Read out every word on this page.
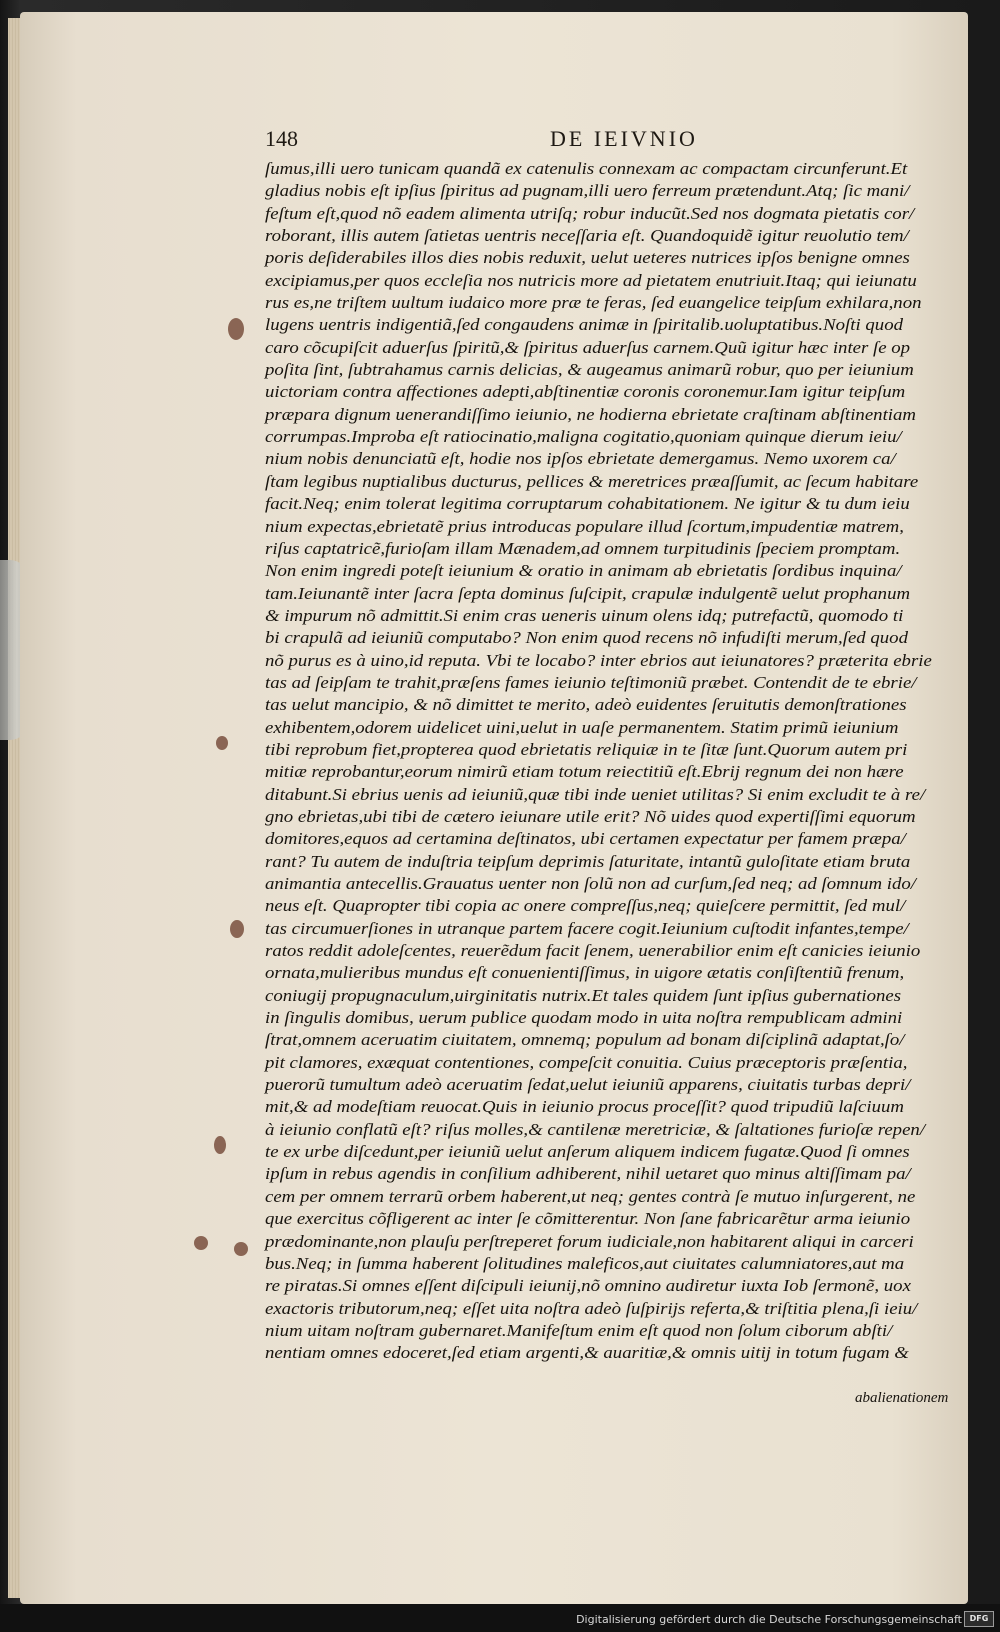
148	DE IEIVNIO
ſumus,illi uero tunicam quandã ex catenulis connexam ac compactam circunferunt.Et
gladius nobis eſt ipſius ſpiritus ad pugnam,illi uero ferreum prætendunt.Atq; ſic mani/
feſtum eſt,quod nõ eadem alimenta utriſq; robur inducũt.Sed nos dogmata pietatis cor/
roborant, illis autem ſatietas uentris neceſſaria eſt. Quandoquidẽ igitur reuolutio tem/
poris deſiderabiles illos dies nobis reduxit, uelut ueteres nutrices ipſos benigne omnes
excipiamus,per quos eccleſia nos nutricis more ad pietatem enutriuit.Itaq; qui ieiunatu
rus es,ne triſtem uultum iudaico more præ te feras, ſed euangelice teipſum exhilara,non
lugens uentris indigentiã,ſed congaudens animæ in ſpiritalib.uoluptatibus.Noſti quod
caro cõcupiſcit aduerſus ſpiritũ,& ſpiritus aduerſus carnem.Quũ igitur hæc inter ſe op
poſita ſint, ſubtrahamus carnis delicias, & augeamus animarũ robur, quo per ieiunium
uictoriam contra affectiones adepti,abſtinentiæ coronis coronemur.Iam igitur teipſum
præpara dignum uenerandiſſimo ieiunio, ne hodierna ebrietate craſtinam abſtinentiam
corrumpas.Improba eſt ratiocinatio,maligna cogitatio,quoniam quinque dierum ieiu/
nium nobis denunciatũ eſt, hodie nos ipſos ebrietate demergamus. Nemo uxorem ca/
ſtam legibus nuptialibus ducturus, pellices & meretrices præaſſumit, ac ſecum habitare
facit.Neq; enim tolerat legitima corruptarum cohabitationem. Ne igitur & tu dum ieiu
nium expectas,ebrietatẽ prius introducas populare illud ſcortum,impudentiæ matrem,
riſus captatricẽ,furioſam illam Mænadem,ad omnem turpitudinis ſpeciem promptam.
Non enim ingredi poteſt ieiunium & oratio in animam ab ebrietatis ſordibus inquina/
tam.Ieiunantẽ inter ſacra ſepta dominus ſuſcipit, crapulæ indulgentẽ uelut prophanum
& impurum nõ admittit.Si enim cras ueneris uinum olens idq; putrefactũ, quomodo ti
bi crapulã ad ieiuniũ computabo? Non enim quod recens nõ infudiſti merum,ſed quod
nõ purus es à uino,id reputa. Vbi te locabo? inter ebrios aut ieiunatores? præterita ebrie
tas ad ſeipſam te trahit,præſens fames ieiunio teſtimoniũ præbet. Contendit de te ebrie/
tas uelut mancipio, & nõ dimittet te merito, adeò euidentes ſeruitutis demonſtrationes
exhibentem,odorem uidelicet uini,uelut in uaſe permanentem. Statim primũ ieiunium
tibi reprobum fiet,propterea quod ebrietatis reliquiæ in te ſitæ ſunt.Quorum autem pri
mitiæ reprobantur,eorum nimirũ etiam totum reiectitiũ eſt.Ebrij regnum dei non hære
ditabunt.Si ebrius uenis ad ieiuniũ,quæ tibi inde ueniet utilitas? Si enim excludit te à re/
gno ebrietas,ubi tibi de cætero ieiunare utile erit? Nõ uides quod expertiſſimi equorum
domitores,equos ad certamina deſtinatos, ubi certamen expectatur per famem præpa/
rant? Tu autem de induſtria teipſum deprimis ſaturitate, intantũ guloſitate etiam bruta
animantia antecellis.Grauatus uenter non ſolũ non ad curſum,ſed neq; ad ſomnum ido/
neus eſt. Quapropter tibi copia ac onere compreſſus,neq; quieſcere permittit, ſed mul/
tas circumuerſiones in utranque partem facere cogit.Ieiunium cuſtodit infantes,tempe/
ratos reddit adoleſcentes, reuerẽdum facit ſenem, uenerabilior enim eſt canicies ieiunio
ornata,mulieribus mundus eſt conuenientiſſimus, in uigore ætatis conſiſtentiũ frenum,
coniugij propugnaculum,uirginitatis nutrix.Et tales quidem ſunt ipſius gubernationes
in ſingulis domibus, uerum publice quodam modo in uita noſtra rempublicam admini
ſtrat,omnem aceruatim ciuitatem, omnemq; populum ad bonam diſciplinã adaptat,ſo/
pit clamores, exæquat contentiones, compeſcit conuitia. Cuius præceptoris præſentia,
puerorũ tumultum adeò aceruatim ſedat,uelut ieiuniũ apparens, ciuitatis turbas depri/
mit,& ad modeſtiam reuocat.Quis in ieiunio procus proceſſit? quod tripudiũ laſciuum
à ieiunio conflatũ eſt? riſus molles,& cantilenæ meretriciæ, & ſaltationes furioſæ repen/
te ex urbe diſcedunt,per ieiuniũ uelut anſerum aliquem indicem fugatæ.Quod ſi omnes
ipſum in rebus agendis in conſilium adhiberent, nihil uetaret quo minus altiſſimam pa/
cem per omnem terrarũ orbem haberent,ut neq; gentes contrà ſe mutuo inſurgerent, ne
que exercitus cõfligerent ac inter ſe cõmitterentur. Non ſane fabricarẽtur arma ieiunio
prædominante,non plauſu perſtreperet forum iudiciale,non habitarent aliqui in carceri
bus.Neq; in ſumma haberent ſolitudines maleficos,aut ciuitates calumniatores,aut ma
re piratas.Si omnes eſſent diſcipuli ieiunij,nõ omnino audiretur iuxta Iob ſermonẽ, uox
exactoris tributorum,neq; eſſet uita noſtra adeò ſuſpirijs referta,& triſtitia plena,ſi ieiu/
nium uitam noſtram gubernaret.Manifeſtum enim eſt quod non ſolum ciborum abſti/
nentiam omnes edoceret,ſed etiam argenti,& auaritiæ,& omnis uitij in totum fugam &
abalienationem
Digitalisierung gefördert durch die Deutsche Forschungsgemeinschaft DFG
